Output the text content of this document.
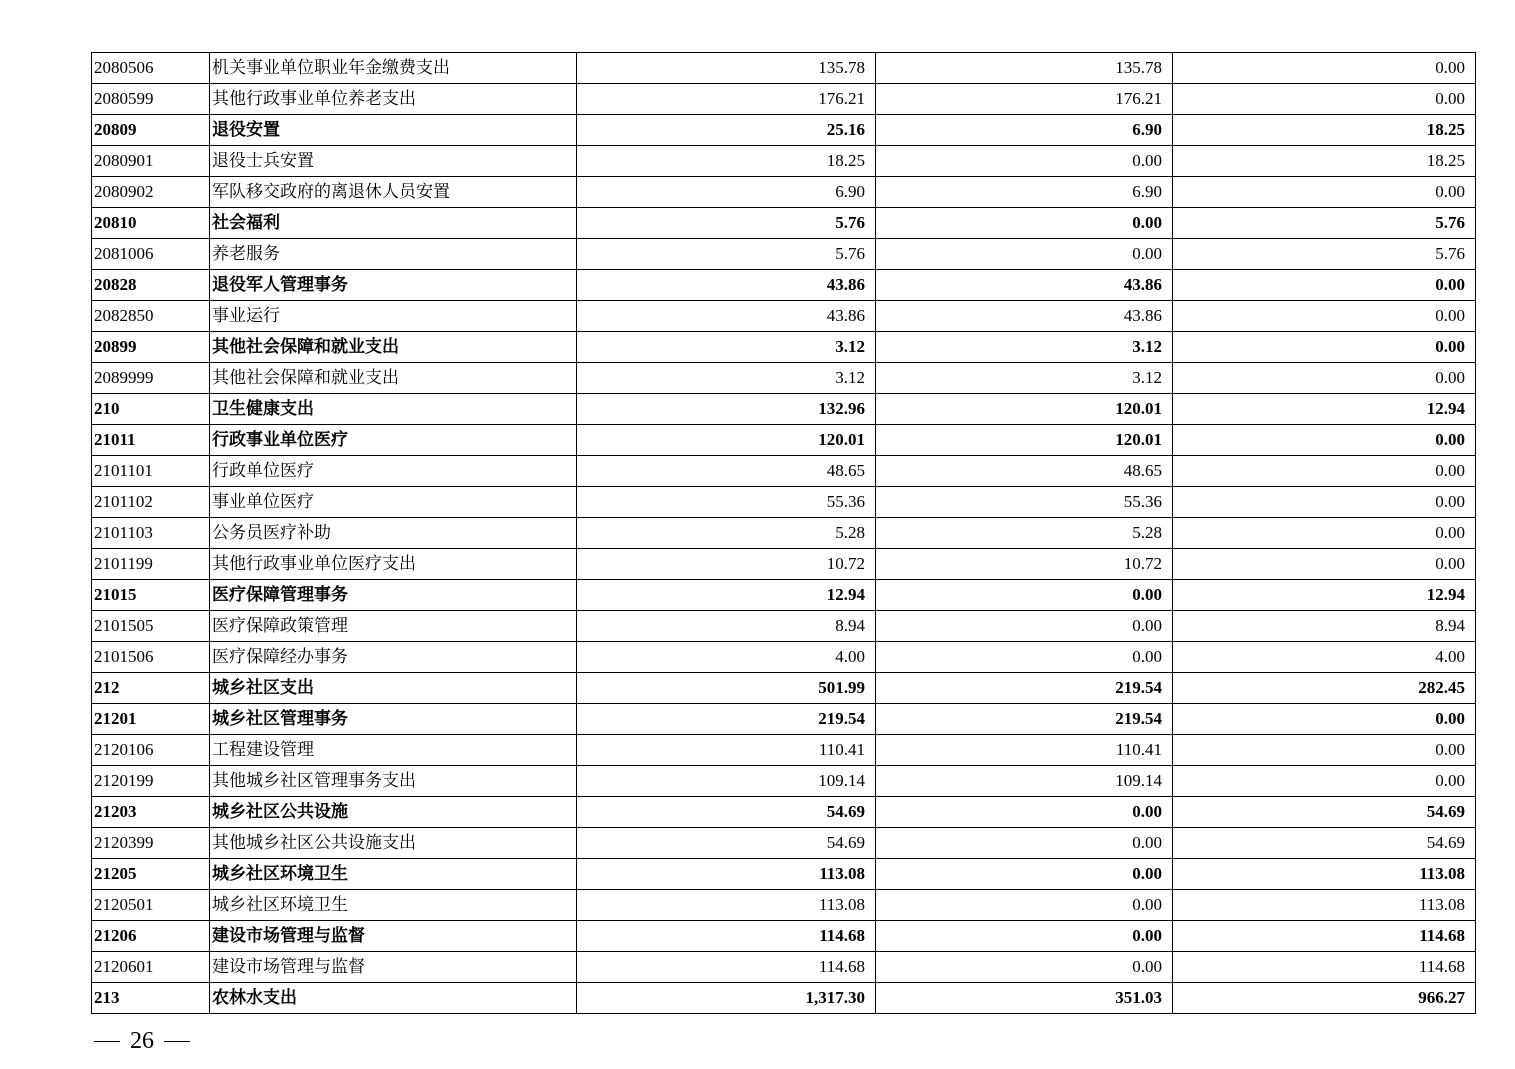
2080506	机关事业单位职业年金缴费支出	135.78	135.78	0.00
2080599	其他行政事业单位养老支出	176.21	176.21	0.00
20809	退役安置	25.16	6.90	18.25
2080901	退役士兵安置	18.25	0.00	18.25
2080902	军队移交政府的离退休人员安置	6.90	6.90	0.00
20810	社会福利	5.76	0.00	5.76
2081006	养老服务	5.76	0.00	5.76
20828	退役军人管理事务	43.86	43.86	0.00
2082850	事业运行	43.86	43.86	0.00
20899	其他社会保障和就业支出	3.12	3.12	0.00
2089999	其他社会保障和就业支出	3.12	3.12	0.00
210	卫生健康支出	132.96	120.01	12.94
21011	行政事业单位医疗	120.01	120.01	0.00
2101101	行政单位医疗	48.65	48.65	0.00
2101102	事业单位医疗	55.36	55.36	0.00
2101103	公务员医疗补助	5.28	5.28	0.00
2101199	其他行政事业单位医疗支出	10.72	10.72	0.00
21015	医疗保障管理事务	12.94	0.00	12.94
2101505	医疗保障政策管理	8.94	0.00	8.94
2101506	医疗保障经办事务	4.00	0.00	4.00
212	城乡社区支出	501.99	219.54	282.45
21201	城乡社区管理事务	219.54	219.54	0.00
2120106	工程建设管理	110.41	110.41	0.00
2120199	其他城乡社区管理事务支出	109.14	109.14	0.00
21203	城乡社区公共设施	54.69	0.00	54.69
2120399	其他城乡社区公共设施支出	54.69	0.00	54.69
21205	城乡社区环境卫生	113.08	0.00	113.08
2120501	城乡社区环境卫生	113.08	0.00	113.08
21206	建设市场管理与监督	114.68	0.00	114.68
2120601	建设市场管理与监督	114.68	0.00	114.68
213	农林水支出	1,317.30	351.03	966.27
26
